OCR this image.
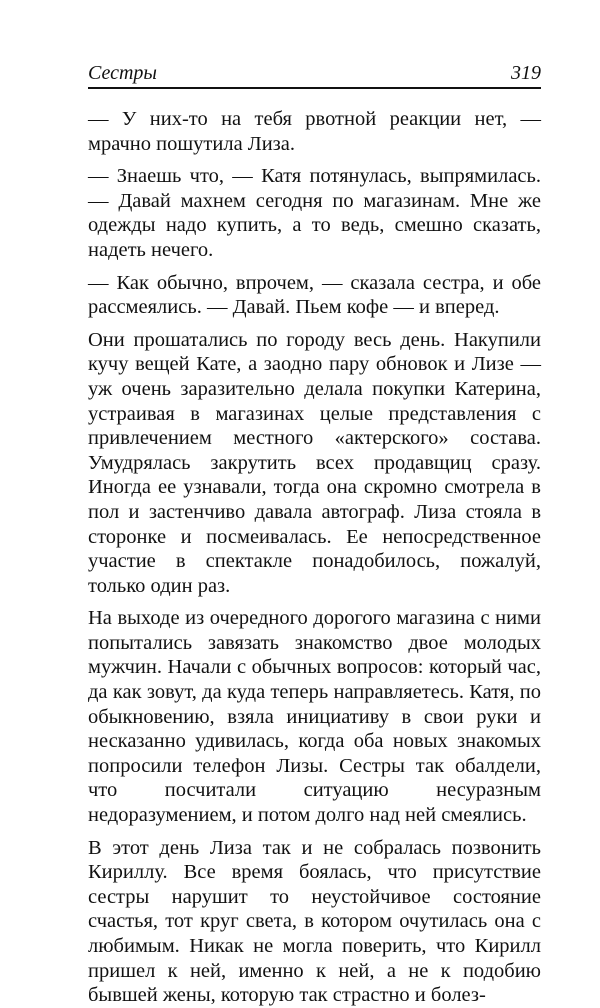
Сестры	319

— У них-то на тебя рвотной реакции нет, — мрачно пошутила Лиза.

— Знаешь что, — Катя потянулась, выпрямилась. — Давай махнем сегодня по магазинам. Мне же одежды надо купить, а то ведь, смешно сказать, надеть нечего.

— Как обычно, впрочем, — сказала сестра, и обе рассмеялись. — Давай. Пьем кофе — и вперед.

Они прошатались по городу весь день. Накупили кучу вещей Кате, а заодно пару обновок и Лизе — уж очень заразительно делала покупки Катерина, устраивая в магазинах целые представления с привлечением местного «актерского» состава. Умудрялась закрутить всех продавщиц сразу. Иногда ее узнавали, тогда она скромно смотрела в пол и застенчиво давала автограф. Лиза стояла в сторонке и посмеивалась. Ее непосредственное участие в спектакле понадобилось, пожалуй, только один раз.

На выходе из очередного дорогого магазина с ними попытались завязать знакомство двое молодых мужчин. Начали с обычных вопросов: который час, да как зовут, да куда теперь направляетесь. Катя, по обыкновению, взяла инициативу в свои руки и несказанно удивилась, когда оба новых знакомых попросили телефон Лизы. Сестры так обалдели, что посчитали ситуацию несуразным недоразумением, и потом долго над ней смеялись.

В этот день Лиза так и не собралась позвонить Кириллу. Все время боялась, что присутствие сестры нарушит то неустойчивое состояние счастья, тот круг света, в котором очутилась она с любимым. Никак не могла поверить, что Кирилл пришел к ней, именно к ней, а не к подобию бывшей жены, которую так страстно и болез-
